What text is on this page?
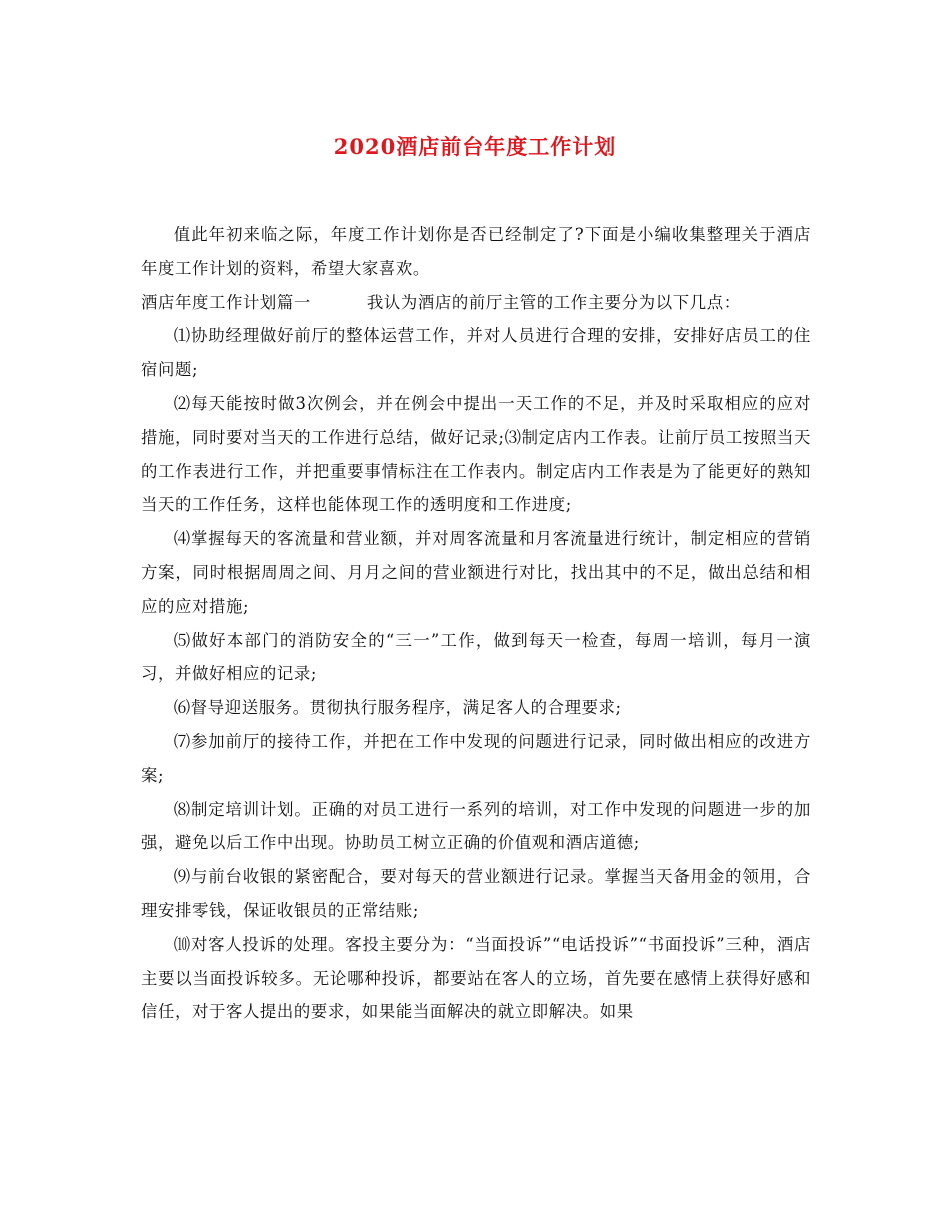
2020酒店前台年度工作计划

值此年初来临之际，年度工作计划你是否已经制定了?下面是小编收集整理关于酒店年度工作计划的资料，希望大家喜欢。

酒店年度工作计划篇一	我认为酒店的前厅主管的工作主要分为以下几点：

⑴协助经理做好前厅的整体运营工作，并对人员进行合理的安排，安排好店员工的住宿问题;

⑵每天能按时做3次例会，并在例会中提出一天工作的不足，并及时采取相应的应对措施，同时要对当天的工作进行总结，做好记录;⑶制定店内工作表。让前厅员工按照当天的工作表进行工作，并把重要事情标注在工作表内。制定店内工作表是为了能更好的熟知当天的工作任务，这样也能体现工作的透明度和工作进度;

⑷掌握每天的客流量和营业额，并对周客流量和月客流量进行统计，制定相应的营销方案，同时根据周周之间、月月之间的营业额进行对比，找出其中的不足，做出总结和相应的应对措施;

⑸做好本部门的消防安全的“三一”工作，做到每天一检查，每周一培训，每月一演习，并做好相应的记录;

⑹督导迎送服务。贯彻执行服务程序，满足客人的合理要求;

⑺参加前厅的接待工作，并把在工作中发现的问题进行记录，同时做出相应的改进方案;

⑻制定培训计划。正确的对员工进行一系列的培训，对工作中发现的问题进一步的加强，避免以后工作中出现。协助员工树立正确的价值观和酒店道德;

⑼与前台收银的紧密配合，要对每天的营业额进行记录。掌握当天备用金的领用，合理安排零钱，保证收银员的正常结账;

⑽对客人投诉的处理。客投主要分为：“当面投诉”“电话投诉”“书面投诉”三种，酒店主要以当面投诉较多。无论哪种投诉，都要站在客人的立场，首先要在感情上获得好感和信任，对于客人提出的要求，如果能当面解决的就立即解决。如果
